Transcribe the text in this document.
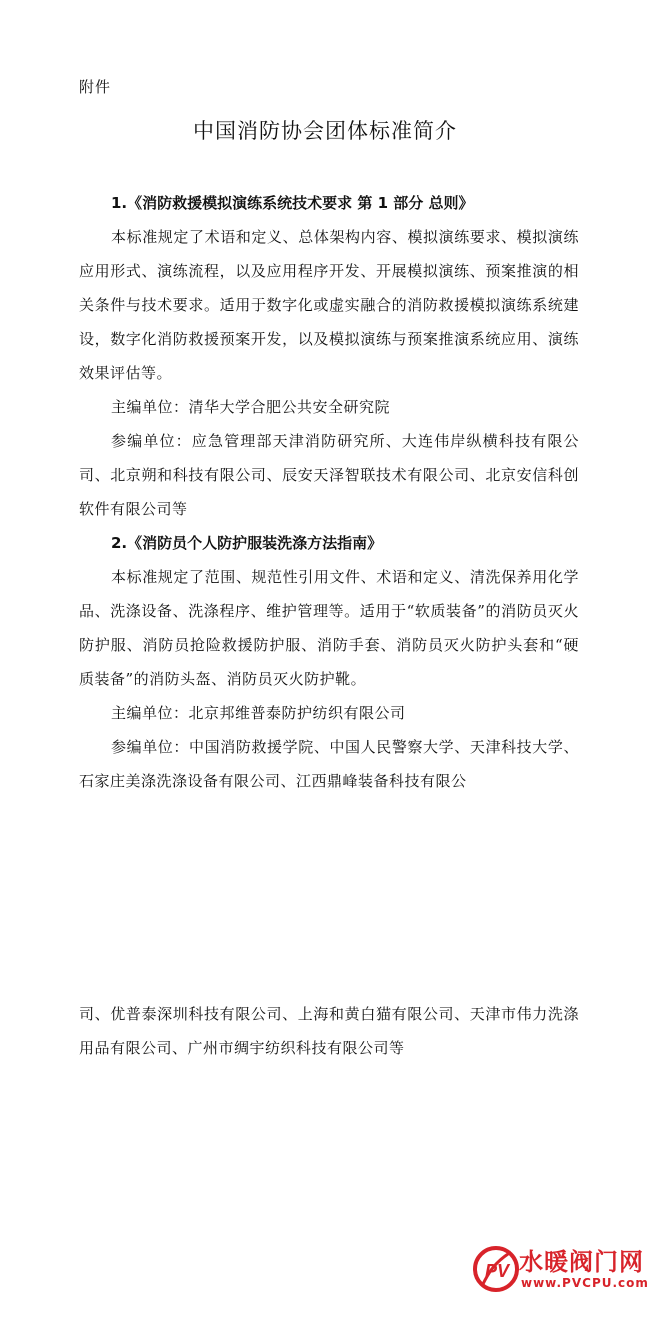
附件
中国消防协会团体标准简介

1.《消防救援模拟演练系统技术要求 第 1 部分 总则》

本标准规定了术语和定义、总体架构内容、模拟演练要求、模拟演练应用形式、演练流程，以及应用程序开发、开展模拟演练、预案推演的相关条件与技术要求。适用于数字化或虚实融合的消防救援模拟演练系统建设，数字化消防救援预案开发，以及模拟演练与预案推演系统应用、演练效果评估等。

主编单位：清华大学合肥公共安全研究院

参编单位：应急管理部天津消防研究所、大连伟岸纵横科技有限公司、北京朔和科技有限公司、辰安天泽智联技术有限公司、北京安信科创软件有限公司等

2.《消防员个人防护服装洗涤方法指南》

本标准规定了范围、规范性引用文件、术语和定义、清洗保养用化学品、洗涤设备、洗涤程序、维护管理等。适用于“软质装备”的消防员灭火防护服、消防员抢险救援防护服、消防手套、消防员灭火防护头套和“硬质装备”的消防头盔、消防员灭火防护靴。

主编单位：北京邦维普泰防护纺织有限公司

参编单位：中国消防救援学院、中国人民警察大学、天津科技大学、石家庄美涤洗涤设备有限公司、江西鼎峰装备科技有限公

司、优普泰深圳科技有限公司、上海和黄白猫有限公司、天津市伟力洗涤用品有限公司、广州市绸宇纺织科技有限公司等

PV 水暖阀门网
www.PVCPU.com
